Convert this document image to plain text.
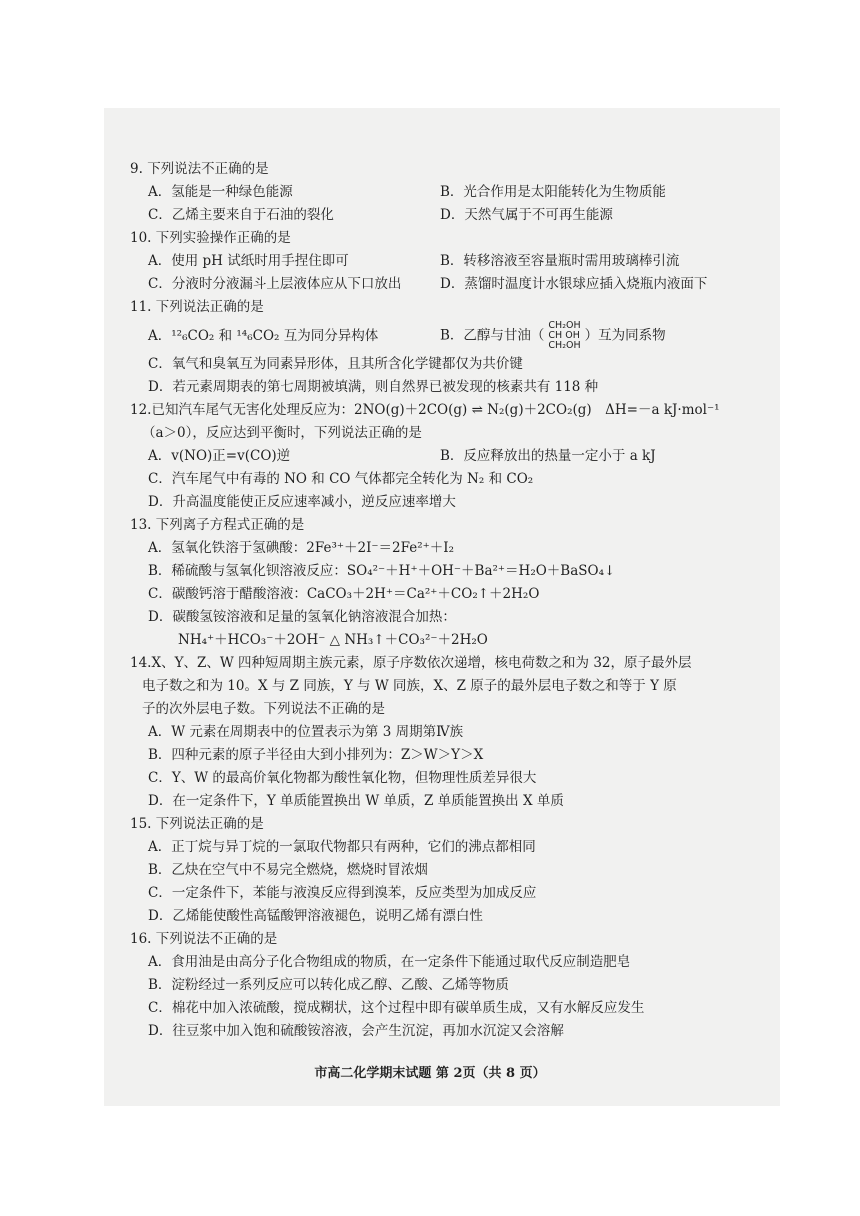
9. 下列说法不正确的是
A．氢能是一种绿色能源	B．光合作用是太阳能转化为生物质能
C．乙烯主要来自于石油的裂化	D．天然气属于不可再生能源
10. 下列实验操作正确的是
A．使用 pH 试纸时用手捏住即可	B．转移溶液至容量瓶时需用玻璃棒引流
C．分液时分液漏斗上层液体应从下口放出	D．蒸馏时温度计水银球应插入烧瓶内液面下
11. 下列说法正确的是
A．¹²₆CO₂ 和 ¹⁴₆CO₂ 互为同分异构体	B．乙醇与甘油（
CH₂OH
CH OH
CH₂OH
）互为同系物
C．氧气和臭氧互为同素异形体，且其所含化学键都仅为共价键
D．若元素周期表的第七周期被填满，则自然界已被发现的核素共有 118 种
12.已知汽车尾气无害化处理反应为：2NO(g)＋2CO(g) ⇌ N₂(g)＋2CO₂(g)　ΔH=－a kJ·mol⁻¹
（a＞0），反应达到平衡时，下列说法正确的是
A．v(NO)正=v(CO)逆	B．反应释放出的热量一定小于 a kJ
C．汽车尾气中有毒的 NO 和 CO 气体都完全转化为 N₂ 和 CO₂
D．升高温度能使正反应速率减小，逆反应速率增大
13. 下列离子方程式正确的是
A．氢氧化铁溶于氢碘酸：2Fe³⁺＋2I⁻＝2Fe²⁺＋I₂
B．稀硫酸与氢氧化钡溶液反应：SO₄²⁻＋H⁺＋OH⁻＋Ba²⁺＝H₂O＋BaSO₄↓
C．碳酸钙溶于醋酸溶液：CaCO₃＋2H⁺＝Ca²⁺＋CO₂↑＋2H₂O
D．碳酸氢铵溶液和足量的氢氧化钠溶液混合加热：
NH₄⁺＋HCO₃⁻＋2OH⁻ △ NH₃↑＋CO₃²⁻＋2H₂O
14.X、Y、Z、W 四种短周期主族元素，原子序数依次递增，核电荷数之和为 32，原子最外层
电子数之和为 10。X 与 Z 同族，Y 与 W 同族，X、Z 原子的最外层电子数之和等于 Y 原
子的次外层电子数。下列说法不正确的是
A．W 元素在周期表中的位置表示为第 3 周期第Ⅳ族
B．四种元素的原子半径由大到小排列为：Z＞W＞Y＞X
C．Y、W 的最高价氧化物都为酸性氧化物，但物理性质差异很大
D．在一定条件下，Y 单质能置换出 W 单质，Z 单质能置换出 X 单质
15. 下列说法正确的是
A．正丁烷与异丁烷的一氯取代物都只有两种，它们的沸点都相同
B．乙炔在空气中不易完全燃烧，燃烧时冒浓烟
C．一定条件下，苯能与液溴反应得到溴苯，反应类型为加成反应
D．乙烯能使酸性高锰酸钾溶液褪色，说明乙烯有漂白性
16. 下列说法不正确的是
A．食用油是由高分子化合物组成的物质，在一定条件下能通过取代反应制造肥皂
B．淀粉经过一系列反应可以转化成乙醇、乙酸、乙烯等物质
C．棉花中加入浓硫酸，搅成糊状，这个过程中即有碳单质生成，又有水解反应发生
D．往豆浆中加入饱和硫酸铵溶液，会产生沉淀，再加水沉淀又会溶解
市高二化学期末试题 第 2页（共 8 页）
